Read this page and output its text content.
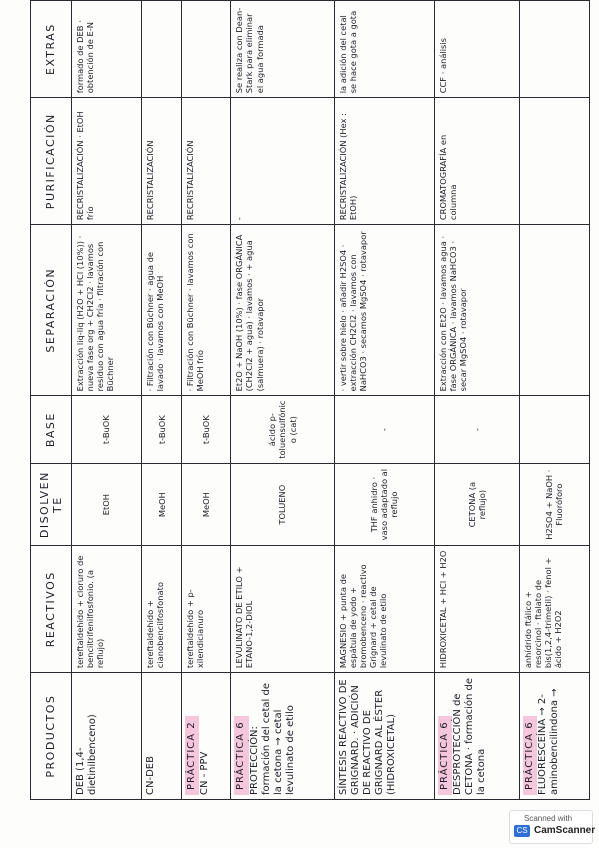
PRODUCTOS	REACTIVOS	DISOLVENTE	BASE	SEPARACIÓN	PURIFICACIÓN	EXTRAS

DEB (1,4-dietinilbenceno)	tereftaldehido + cloruro de benciltrifenilfosfonio. (a reflujo)	EtOH	t-BuOK	Extracción liq-liq (H2O + HCl (10%)) · nueva fase org + CH2Cl2 · lavamos residuo con agua fría · filtración con Büchner	RECRISTALIZACIÓN · EtOH frío	formado de DEB · obtención de E-N

CN-DEB	tereftaldehido + cianobencilfosfonato	MeOH	t-BuOK	· Filtración con Büchner · agua de lavado · lavamos con MeOH	RECRISTALIZACIÓN	
PRÁCTICA 2 CN - PPV	tereftaldehido + p-xilendicianuro	MeOH	t-BuOK	· Filtración con Büchner · lavamos con MeOH frío	RECRISTALIZACIÓN	
PRÁCTICA 6 PROTECCIÓN: formación del cetal de la cetona → cetal levulinato de etilo	LEVULINATO DE ETILO + ETANO-1,2-DIOL	TOLUENO	ácido p-toluensulfónico (cat)	Et2O + NaOH (10%) · fase ORGÁNICA (CH2Cl2 + agua) · lavamos · + agua (salmuera) · rotavapor	-	Se realiza con Dean-Stark para eliminar el agua formada

SÍNTESIS REACTIVO DE GRIGNARD. · ADICIÓN DE REACTIVO DE GRIGNARD AL ÉSTER (HIDROXICETAL)	MAGNESIO + punta de espátula de yodo + bromobenceno · reactivo Grignard + cetal de levulinato de etilo	THF anhidro · vaso adaptado al reflujo	-	· vertir sobre hielo · añadir H2SO4 · extracción CH2Cl2 · lavamos con NaHCO3 · secamos MgSO4 · rotavapor	RECRISTALIZACIÓN (Hex : EtOH)	la adición del cetal se hace gota a gota
PRÁCTICA 6 DESPROTECCIÓN de CETONA · formación de la cetona	HIDROXICETAL + HCl + H2O	CETONA (a reflujo)	-	Extracción con Et2O · lavamos agua · fase ORGÁNICA · lavamos NaHCO3 · secar MgSO4 · rotavapor	CROMATOGRAFÍA en columna	CCF · análisis
PRÁCTICA 6 FLUORESCEÍNA → 2-aminobencilindona →	anhídrido ftálico + resorcinol · ftalato de bis(1,2,4-trimetil) · fenol + ácido + H2O2	H2SO4 + NaOH · Fluoróforo				
Scanned with
CS CamScanner
